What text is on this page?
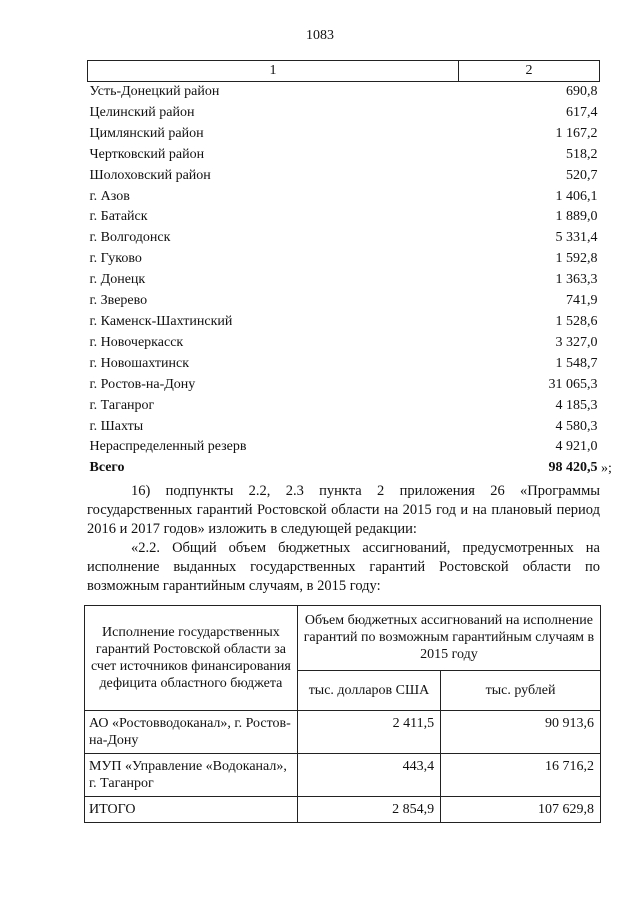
1083
1	2
Усть-Донецкий район	690,8
Целинский район	617,4
Цимлянский район	1 167,2
Чертковский район	518,2
Шолоховский район	520,7
г. Азов	1 406,1
г. Батайск	1 889,0
г. Волгодонск	5 331,4
г. Гуково	1 592,8
г. Донецк	1 363,3
г. Зверево	741,9
г. Каменск-Шахтинский	1 528,6
г. Новочеркасск	3 327,0
г. Новошахтинск	1 548,7
г. Ростов-на-Дону	31 065,3
г. Таганрог	4 185,3
г. Шахты	4 580,3
Нераспределенный резерв	4 921,0
Всего	98 420,5 »;

16) подпункты 2.2, 2.3 пункта 2 приложения 26 «Программы государственных гарантий Ростовской области на 2015 год и на плановый период 2016 и 2017 годов» изложить в следующей редакции:

«2.2. Общий объем бюджетных ассигнований, предусмотренных на исполнение выданных государственных гарантий Ростовской области по возможным гарантийным случаям, в 2015 году:

Исполнение государственных гарантий Ростовской области за счет источников финансирования дефицита областного бюджета	Объем бюджетных ассигнований на исполнение гарантий по возможным гарантийным случаям в 2015 году	
	тыс. долларов США	тыс. рублей
АО «Ростовводоканал», г. Ростов-на-Дону	2 411,5	90 913,6
МУП «Управление «Водоканал», г. Таганрог	443,4	16 716,2
ИТОГО	2 854,9	107 629,8
